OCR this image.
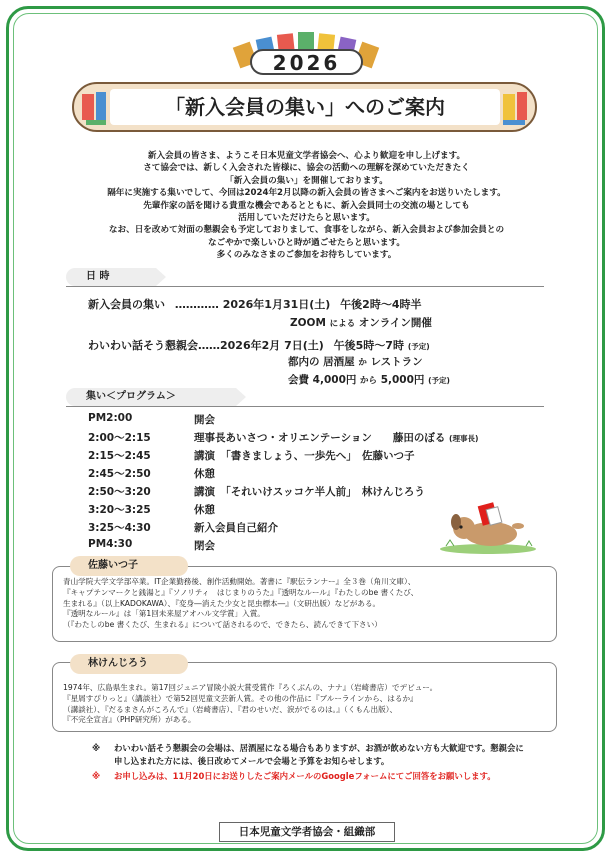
2026
「新入会員の集い」へのご案内

新入会員の皆さま、ようこそ日本児童文学者協会へ、心より歓迎を申し上げます。

さて協会では、新しく入会された皆様に、協会の活動への理解を深めていただきたく

「新入会員の集い」を開催しております。

隔年に実施する集いでして、今回は2024年2月以降の新入会員の皆さまへご案内をお送りいたします。

先輩作家の話を聞ける貴重な機会であるとともに、新入会員同士の交流の場としても

活用していただけたらと思います。

なお、日を改めて対面の懇親会も予定しておりまして、食事をしながら、新入会員および参加会員との

なごやかで楽しいひと時が過ごせたらと思います。

多くのみなさまのご参加をお待ちしています。

日 時
新入会員の集い ………… 2026年1月31日(土) 午後2時～4時半
ZOOM による オンライン開催
わいわい話そう懇親会……2026年2月 7日(土) 午後5時～7時 (予定)
都内の 居酒屋 か レストラン
会費 4,000円 から 5,000円 (予定)
集い＜プログラム＞
PM2:00	開会
2:00～2:15	理事長あいさつ・オリエンテーション　　藤田のぼる (理事長)
2:15～2:45	講演　「書きましょう、一歩先へ」　佐藤いつ子
2:45～2:50	休憩
2:50～3:20	講演　「それいけスッコケ半人前」　林けんじろう
3:20～3:25	休憩
3:25～4:30	新入会員自己紹介
PM4:30	閉会

青山学院大学文学部卒業。IT企業勤務後、創作活動開始。著書に『駅伝ランナー』全３巻（角川文庫）、

『キャプテンマークと銭湯と』『ソノリティ　はじまりのうた』『透明なルール』『わたしのbe 書くたび、

生まれる』（以上KADOKAWA）、『変身―消えた少女と昆虫標本―』（文研出版）などがある。

『透明なルール』は「第1回未来屋アオハル文学賞」入賞。

（『わたしのbe 書くたび、生まれる』について話されるので、できたら、読んできて下さい）

佐藤いつ子

1974年、広島県生まれ。第17回ジュニア冒険小説大賞受賞作『ろくぶんの、ナナ』（岩崎書店）でデビュー。

『星屑すぴりっと』（講談社）で第52回児童文芸新人賞。その他の作品に『ブルーラインから、はるか』

（講談社）、『だるまさんがころんで』（岩崎書店）、『君のせいだ、涙がでるのは。』（くもん出版）、

『不完全宣言』（PHP研究所）がある。

林けんじろう

※ わいわい話そう懇親会の会場は、居酒屋になる場合もありますが、お酒が飲めない方も大歓迎です。懇親会に申し込まれた方には、後日改めてメールで会場と予算をお知らせします。

※ お申し込みは、11月20日にお送りしたご案内メールのGoogleフォームにてご回答をお願いします。

日本児童文学者協会・組織部
